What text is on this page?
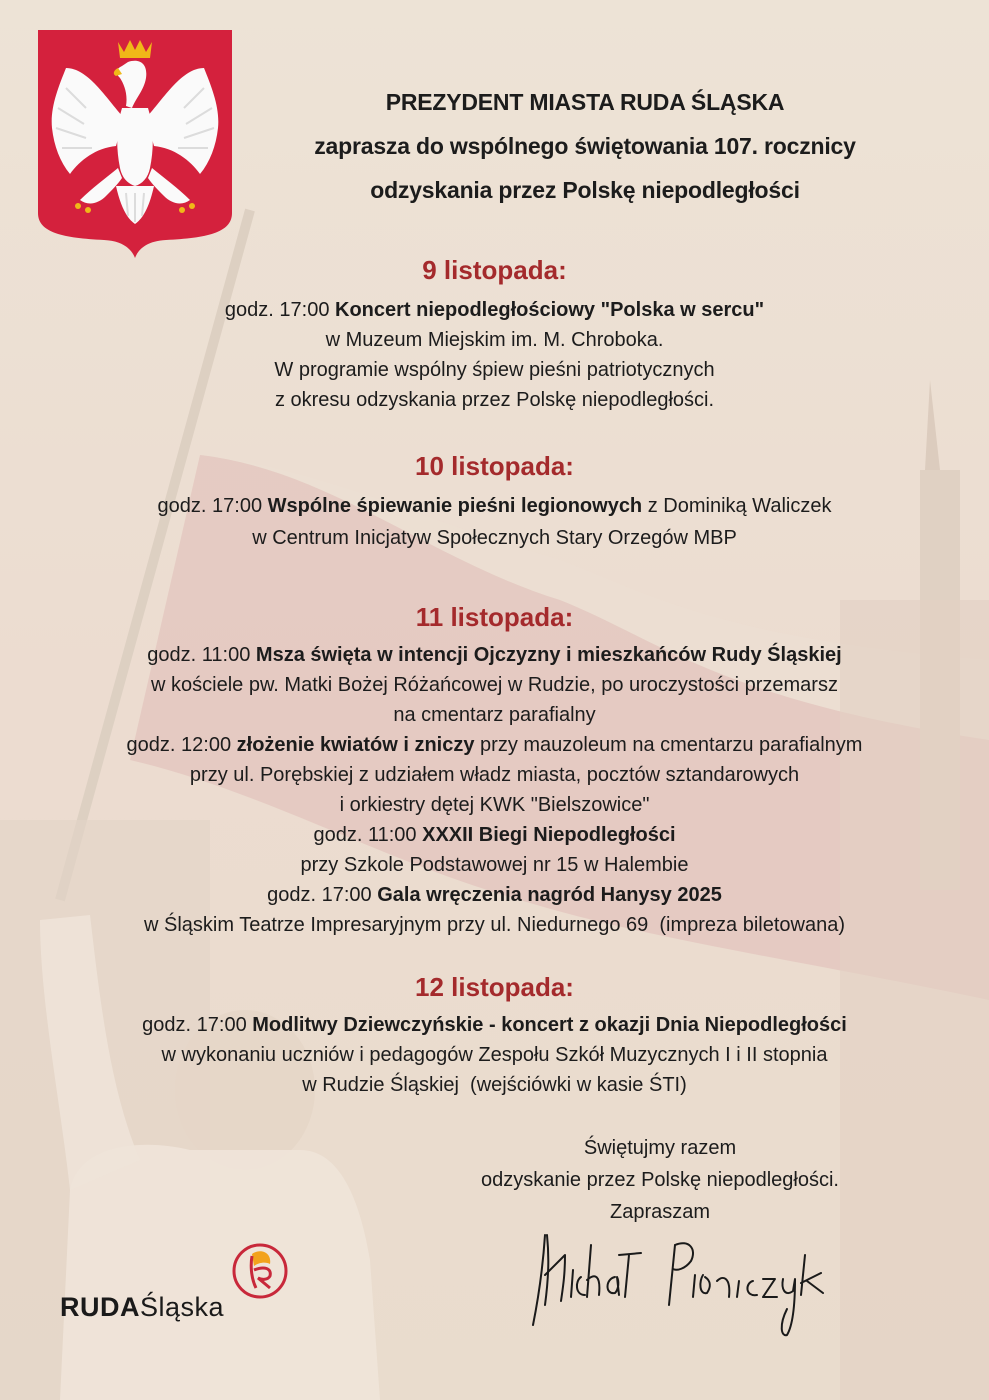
PREZYDENT MIASTA RUDA ŚLĄSKA
zaprasza do wspólnego świętowania 107. rocznicy
odzyskania przez Polskę niepodległości
9 listopada:
godz. 17:00 Koncert niepodległościowy "Polska w sercu"
w Muzeum Miejskim im. M. Chroboka.
W programie wspólny śpiew pieśni patriotycznych
z okresu odzyskania przez Polskę niepodległości.
10 listopada:
godz. 17:00 Wspólne śpiewanie pieśni legionowych z Dominiką Waliczek
w Centrum Inicjatyw Społecznych Stary Orzegów MBP
11 listopada:
godz. 11:00 Msza święta w intencji Ojczyzny i mieszkańców Rudy Śląskiej
w kościele pw. Matki Bożej Różańcowej w Rudzie, po uroczystości przemarsz
na cmentarz parafialny
godz. 12:00 złożenie kwiatów i zniczy przy mauzoleum na cmentarzu parafialnym
przy ul. Porębskiej z udziałem władz miasta, pocztów sztandarowych
i orkiestry dętej KWK "Bielszowice"
godz. 11:00 XXXII Biegi Niepodległości
przy Szkole Podstawowej nr 15 w Halembie
godz. 17:00 Gala wręczenia nagród Hanysy 2025
w Śląskim Teatrze Impresaryjnym przy ul. Niedurnego 69  (impreza biletowana)
12 listopada:
godz. 17:00 Modlitwy Dziewczyńskie - koncert z okazji Dnia Niepodległości
w wykonaniu uczniów i pedagogów Zespołu Szkół Muzycznych I i II stopnia
w Rudzie Śląskiej  (wejściówki w kasie ŚTI)
Świętujmy razem
odzyskanie przez Polskę niepodległości.
Zapraszam
RUDAŚląska
